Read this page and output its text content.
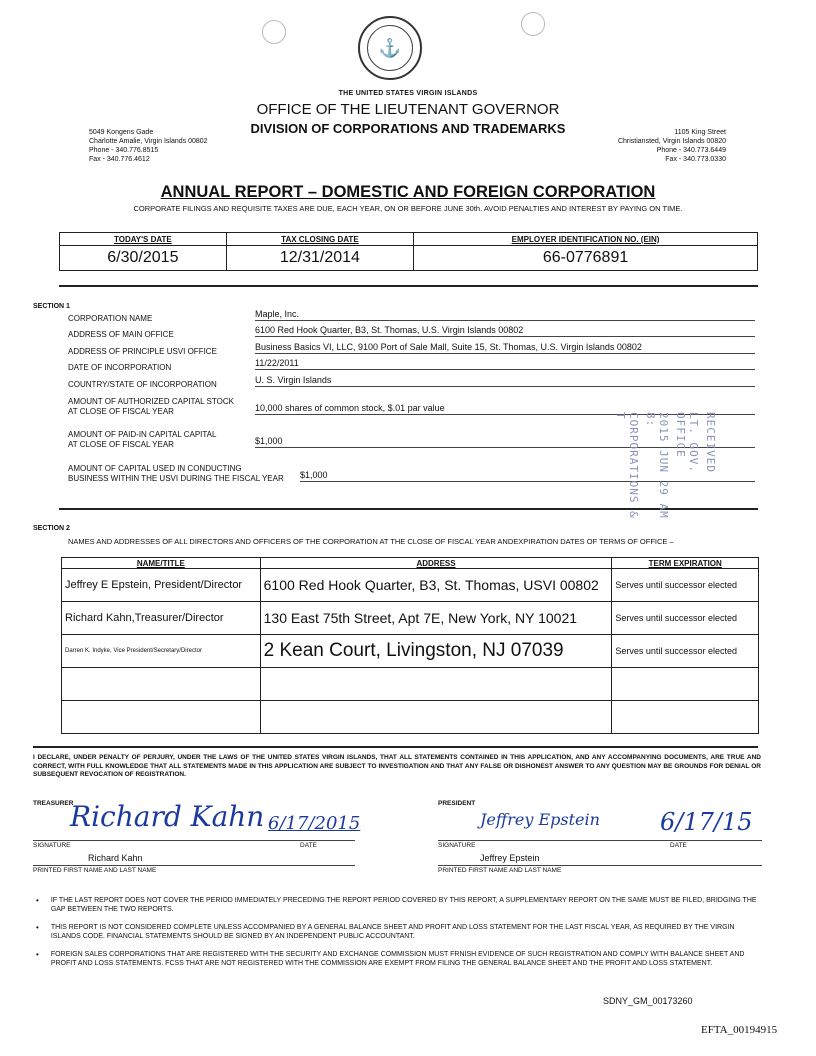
⚓
THE UNITED STATES VIRGIN ISLANDS
OFFICE OF THE LIEUTENANT GOVERNOR
DIVISION OF CORPORATIONS AND TRADEMARKS
5049 Kongens Gade
Charlotte Amalie, Virgin Islands 00802
Phone - 340.776.8515
Fax - 340.776.4612
1105 King Street
Christiansted, Virgin Islands 00820
Phone - 340.773.6449
Fax - 340.773.0330
ANNUAL REPORT – DOMESTIC AND FOREIGN CORPORATION
CORPORATE FILINGS AND REQUISITE TAXES ARE DUE, EACH YEAR, ON OR BEFORE JUNE 30th. AVOID PENALTIES AND INTEREST BY PAYING ON TIME.
TODAY'S DATE	TAX CLOSING DATE	EMPLOYER IDENTIFICATION NO. (EIN)
6/30/2015	12/31/2014	66-0776891
SECTION 1
CORPORATION NAME	Maple, Inc.
ADDRESS OF MAIN OFFICE	6100 Red Hook Quarter, B3, St. Thomas, U.S. Virgin Islands 00802
ADDRESS OF PRINCIPLE USVI OFFICE	Business Basics VI, LLC, 9100 Port of Sale Mall, Suite 15, St. Thomas, U.S. Virgin Islands 00802
DATE OF INCORPORATION	11/22/2011
COUNTRY/STATE OF INCORPORATION	U. S. Virgin Islands
AMOUNT OF AUTHORIZED CAPITAL STOCK
AT CLOSE OF FISCAL YEAR	10,000 shares of common stock, $.01 par value
AMOUNT OF PAID-IN CAPITAL CAPITAL
AT CLOSE OF FISCAL YEAR	$1,000
AMOUNT OF CAPITAL USED IN CONDUCTING
BUSINESS WITHIN THE USVI DURING THE FISCAL YEAR $1,000
RECEIVED
LT. GOV. OFFICE
2015 JUN 29 AM 8:
CORPORATIONS & T
SECTION 2
NAMES AND ADDRESSES OF ALL DIRECTORS AND OFFICERS OF THE CORPORATION AT THE CLOSE OF FISCAL YEAR ANDEXPIRATION DATES OF TERMS OF OFFICE –
NAME/TITLE	ADDRESS	TERM EXPIRATION
Jeffrey E Epstein, President/Director	6100 Red Hook Quarter, B3, St. Thomas, USVI 00802	Serves until successor elected
Richard Kahn,Treasurer/Director	130 East 75th Street, Apt 7E, New York, NY 10021	Serves until successor elected
Darren K. Indyke, Vice President/Secretary/Director	2 Kean Court, Livingston, NJ 07039	Serves until successor elected

I DECLARE, UNDER PENALTY OF PERJURY, UNDER THE LAWS OF THE UNITED STATES VIRGIN ISLANDS, THAT ALL STATEMENTS CONTAINED IN THIS APPLICATION, AND ANY ACCOMPANYING DOCUMENTS, ARE TRUE AND CORRECT, WITH FULL KNOWLEDGE THAT ALL STATEMENTS MADE IN THIS APPLICATION ARE SUBJECT TO INVESTIGATION AND THAT ANY FALSE OR DISHONEST ANSWER TO ANY QUESTION MAY BE GROUNDS FOR DENIAL OR SUBSEQUENT REVOCATION OF REGISTRATION.
TREASURER
Richard Kahn 6/17/2015
SIGNATURE	DATE
Richard Kahn
PRINTED FIRST NAME AND LAST NAME
PRESIDENT
Jeffrey Epstein	6/17/15
SIGNATURE	DATE
Jeffrey Epstein
PRINTED FIRST NAME AND LAST NAME
• IF THE LAST REPORT DOES NOT COVER THE PERIOD IMMEDIATELY PRECEDING THE REPORT PERIOD COVERED BY THIS REPORT, A SUPPLEMENTARY REPORT ON THE SAME MUST BE FILED, BRIDGING THE GAP BETWEEN THE TWO REPORTS.
• THIS REPORT IS NOT CONSIDERED COMPLETE UNLESS ACCOMPANIED BY A GENERAL BALANCE SHEET AND PROFIT AND LOSS STATEMENT FOR THE LAST FISCAL YEAR, AS REQUIRED BY THE VIRGIN ISLANDS CODE. FINANCIAL STATEMENTS SHOULD BE SIGNED BY AN INDEPENDENT PUBLIC ACCOUNTANT.
• FOREIGN SALES CORPORATIONS THAT ARE REGISTERED WITH THE SECURITY AND EXCHANGE COMMISSION MUST FRNISH EVIDENCE OF SUCH REGISTRATION AND COMPLY WITH BALANCE SHEET AND PROFIT AND LOSS STATEMENTS. FCSS THAT ARE NOT REGISTERED WITH THE COMMISSION ARE EXEMPT FROM FILING THE GENERAL BALANCE SHEET AND THE PROFIT AND LOSS STATEMENT.
SDNY_GM_00173260
EFTA_00194915
